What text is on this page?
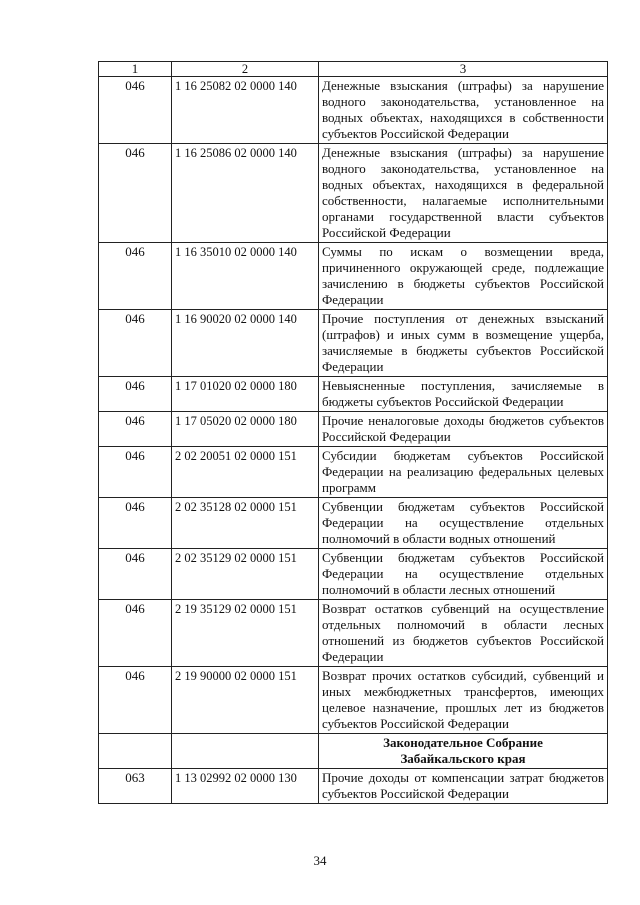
1	2	3
046	1 16 25082 02 0000 140	Денежные взыскания (штрафы) за нарушение водного законодательства, установленное на водных объектах, находящихся в собственности субъектов Российской Федерации
046	1 16 25086 02 0000 140	Денежные взыскания (штрафы) за нарушение водного законодательства, установленное на водных объектах, находящихся в федеральной собственности, налагаемые исполнительными органами государственной власти субъектов Российской Федерации
046	1 16 35010 02 0000 140	Суммы по искам о возмещении вреда, причиненного окружающей среде, подлежащие зачислению в бюджеты субъектов Российской Федерации
046	1 16 90020 02 0000 140	Прочие поступления от денежных взысканий (штрафов) и иных сумм в возмещение ущерба, зачисляемые в бюджеты субъектов Российской Федерации
046	1 17 01020 02 0000 180	Невыясненные поступления, зачисляемые в бюджеты субъектов Российской Федерации
046	1 17 05020 02 0000 180	Прочие неналоговые доходы бюджетов субъектов Российской Федерации
046	2 02 20051 02 0000 151	Субсидии бюджетам субъектов Российской Федерации на реализацию федеральных целевых программ
046	2 02 35128 02 0000 151	Субвенции бюджетам субъектов Российской Федерации на осуществление отдельных полномочий в области водных отношений
046	2 02 35129 02 0000 151	Субвенции бюджетам субъектов Российской Федерации на осуществление отдельных полномочий в области лесных отношений
046	2 19 35129 02 0000 151	Возврат остатков субвенций на осуществление отдельных полномочий в области лесных отношений из бюджетов субъектов Российской Федерации
046	2 19 90000 02 0000 151	Возврат прочих остатков субсидий, субвенций и иных межбюджетных трансфертов, имеющих целевое назначение, прошлых лет из бюджетов субъектов Российской Федерации

		Законодательное Собрание
Забайкальского края

063	1 13 02992 02 0000 130	Прочие доходы от компенсации затрат бюджетов субъектов Российской Федерации
34
